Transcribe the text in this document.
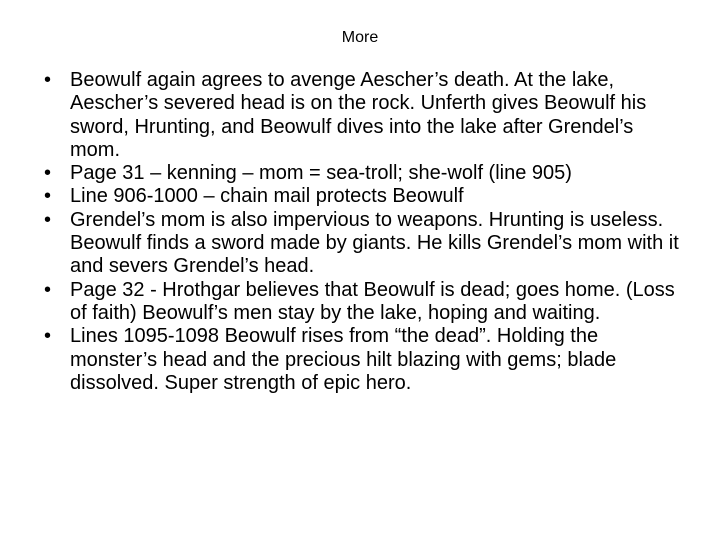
More
• Beowulf again agrees to avenge Aescher’s death. At the lake, Aescher’s severed head is on the rock. Unferth gives Beowulf his sword, Hrunting, and Beowulf dives into the lake after Grendel’s mom.
• Page 31 – kenning – mom = sea-troll; she-wolf (line 905)
• Line 906-1000 – chain mail protects Beowulf
• Grendel’s mom is also impervious to weapons. Hrunting is useless. Beowulf finds a sword made by giants. He kills Grendel’s mom with it and severs Grendel’s head.
• Page 32 - Hrothgar believes that Beowulf is dead; goes home. (Loss of faith) Beowulf’s men stay by the lake, hoping and waiting.
• Lines 1095-1098 Beowulf rises from “the dead”. Holding the monster’s head and the precious hilt blazing with gems; blade dissolved. Super strength of epic hero.
